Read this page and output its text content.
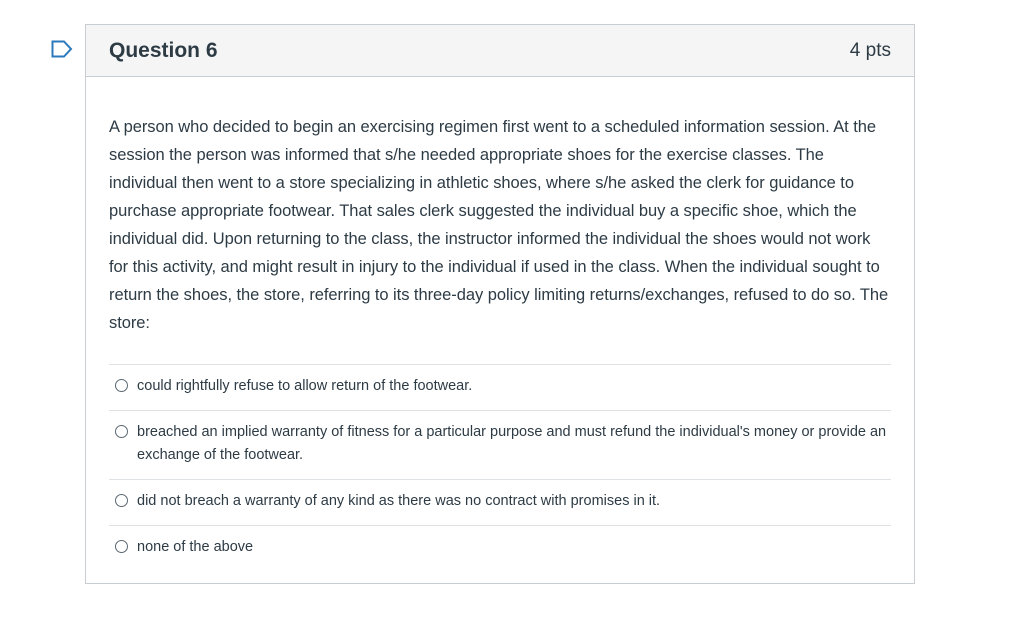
Question 6	4 pts

A person who decided to begin an exercising regimen first went to a scheduled information session. At the session the person was informed that s/he needed appropriate shoes for the exercise classes. The individual then went to a store specializing in athletic shoes, where s/he asked the clerk for guidance to purchase appropriate footwear. That sales clerk suggested the individual buy a specific shoe, which the individual did. Upon returning to the class, the instructor informed the individual the shoes would not work for this activity, and might result in injury to the individual if used in the class. When the individual sought to return the shoes, the store, referring to its three-day policy limiting returns/exchanges, refused to do so. The store:

could rightfully refuse to allow return of the footwear.
breached an implied warranty of fitness for a particular purpose and must refund the individual's money or provide an exchange of the footwear.
did not breach a warranty of any kind as there was no contract with promises in it.
none of the above
